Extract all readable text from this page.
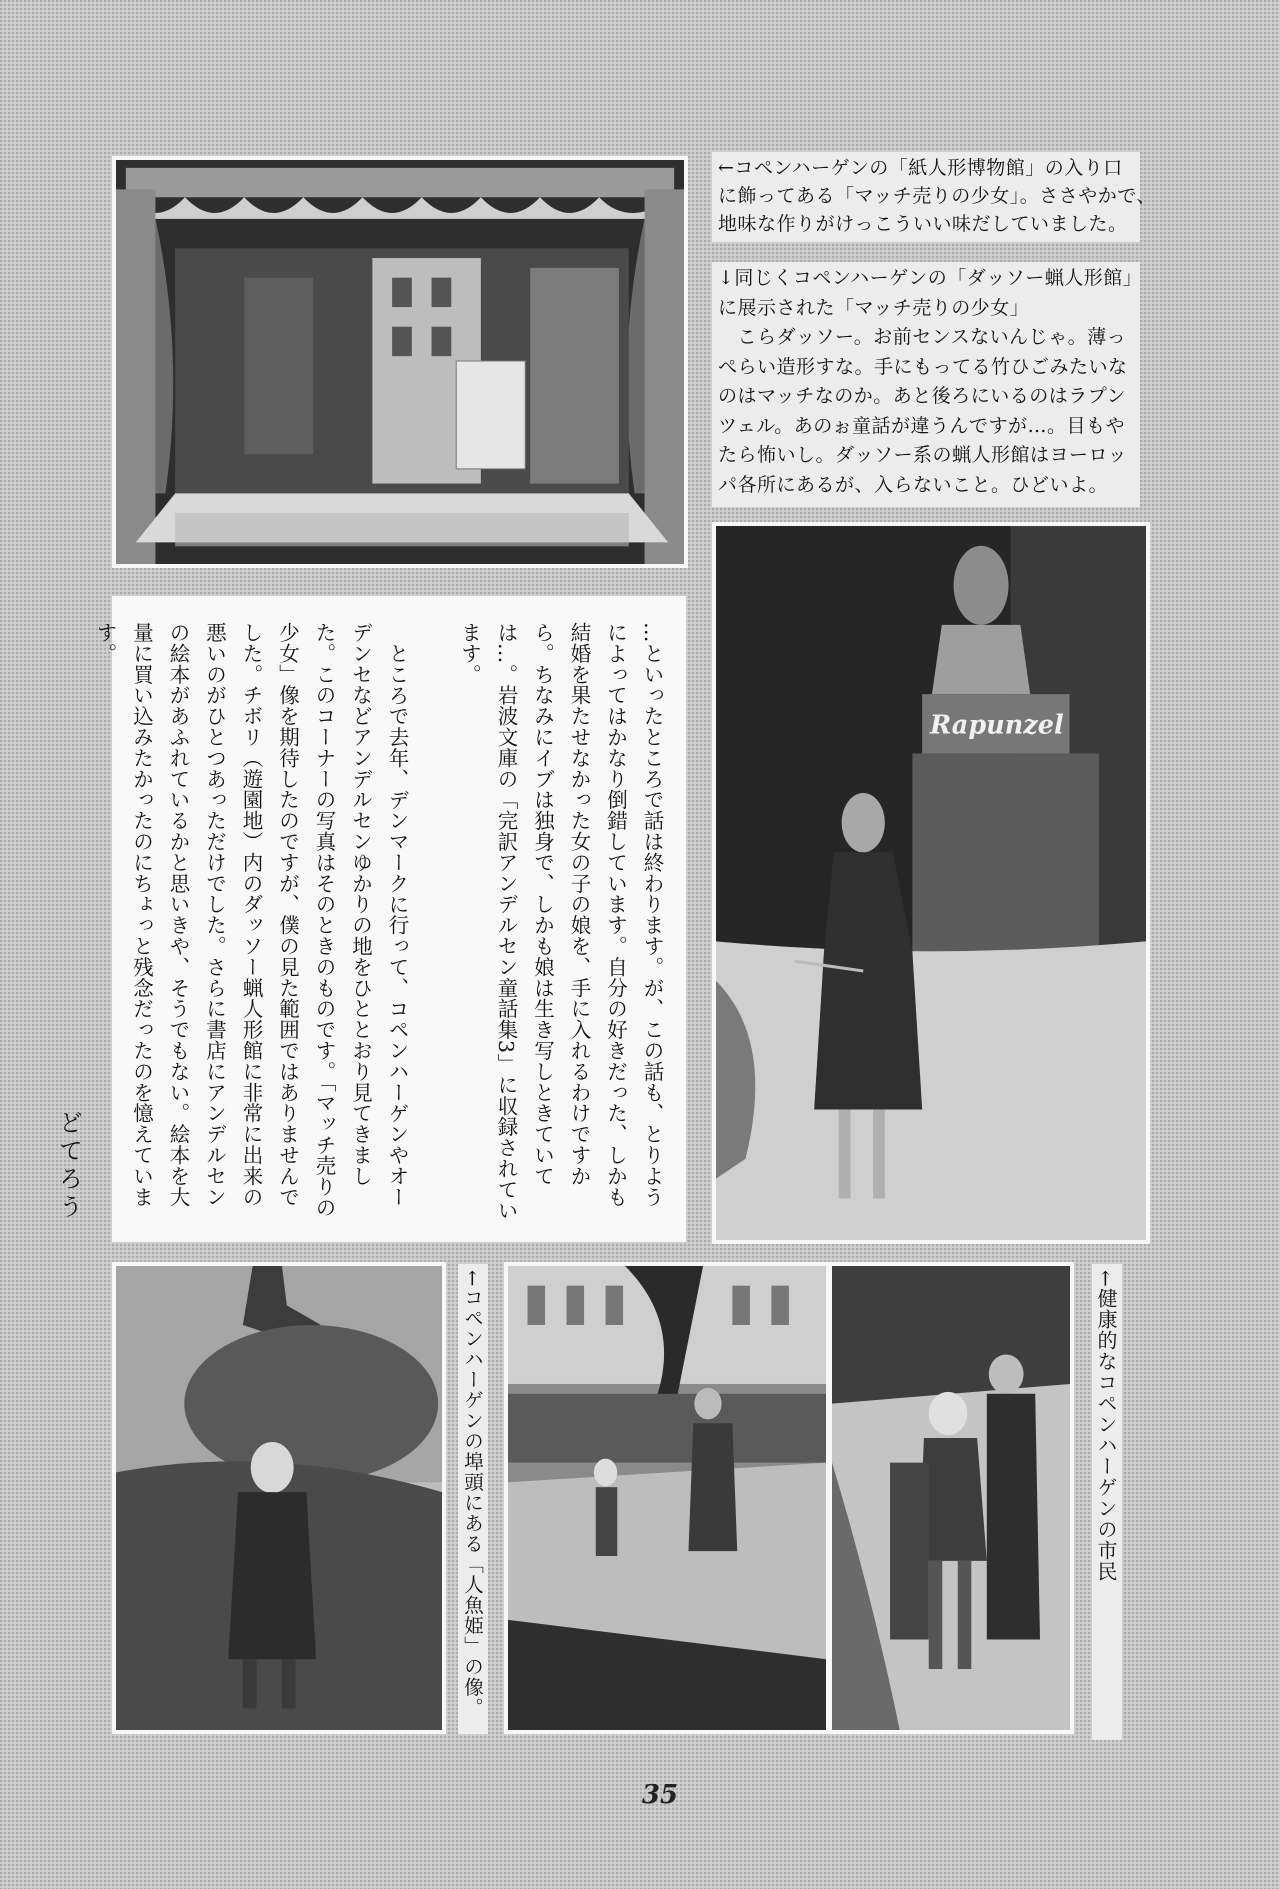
←コペンハーゲンの「紙人形博物館」の入り口
に飾ってある「マッチ売りの少女」。ささやかで、
地味な作りがけっこういい味だしていました。
↓同じくコペンハーゲンの「ダッソー蝋人形館」
に展示された「マッチ売りの少女」
　こらダッソー。お前センスないんじゃ。薄っ
ぺらい造形すな。手にもってる竹ひごみたいな
のはマッチなのか。あと後ろにいるのはラプン
ツェル。あのぉ童話が違うんですが…。目もや
たら怖いし。ダッソー系の蝋人形館はヨーロッ
パ各所にあるが、入らないこと。ひどいよ。
Rapunzel

…といったところで話は終わります。が、この話も、とりようによってはかなり倒錯しています。自分の好きだった、しかも結婚を果たせなかった女の子の娘を、手に入れるわけですから。ちなみにイブは独身で、しかも娘は生き写しときていては…。岩波文庫の「完訳アンデルセン童話集3」に収録されています。

ところで去年、デンマークに行って、コペンハーゲンやオーデンセなどアンデルセンゆかりの地をひととおり見てきました。このコーナーの写真はそのときのものです。「マッチ売りの少女」像を期待したのですが、僕の見た範囲ではありませんでした。チボリ（遊園地）内のダッソー蝋人形館に非常に出来の悪いのがひとつあっただけでした。さらに書店にアンデルセンの絵本があふれているかと思いきや、そうでもない。絵本を大量に買い込みたかったのにちょっと残念だったのを憶えています。

どてろう

←コペンハーゲンの埠頭にある「人魚姫」の像。	←健康的なコペンハーゲンの市民
35
